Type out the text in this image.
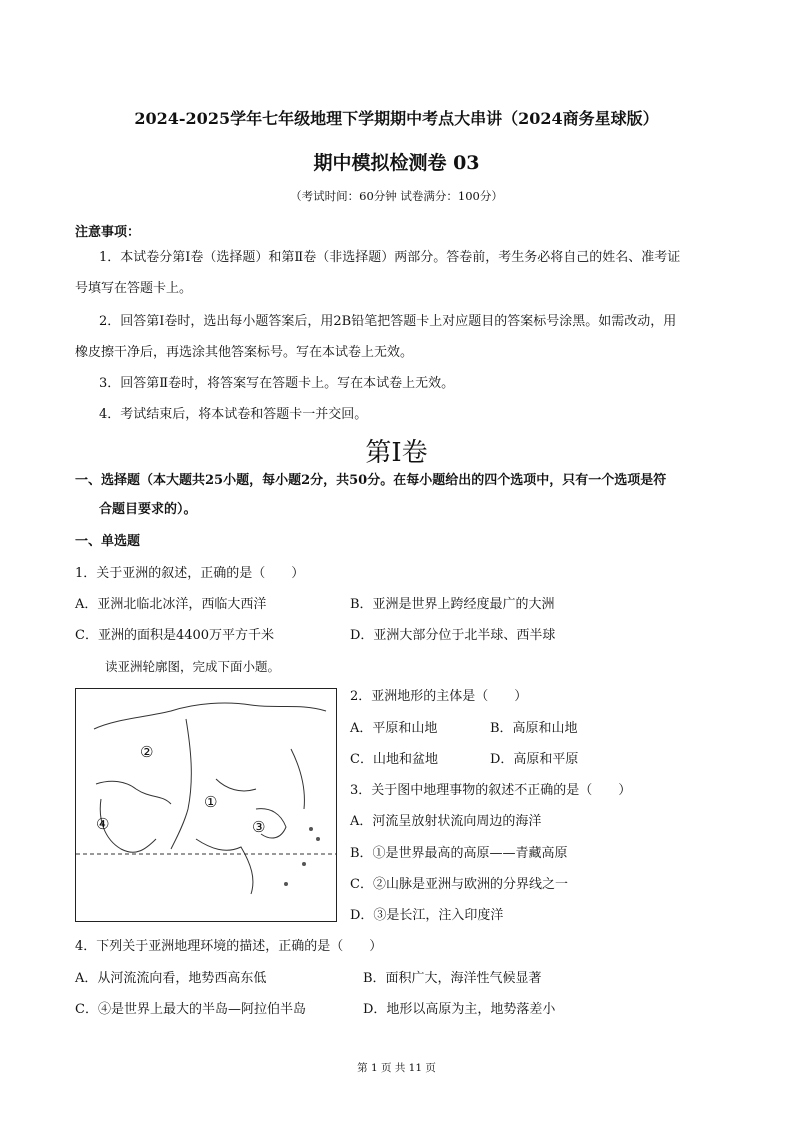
2024-2025学年七年级地理下学期期中考点大串讲（2024商务星球版）
期中模拟检测卷 03
（考试时间：60分钟 试卷满分：100分）
注意事项：
1．本试卷分第Ⅰ卷（选择题）和第Ⅱ卷（非选择题）两部分。答卷前，考生务必将自己的姓名、准考证
号填写在答题卡上。
2．回答第Ⅰ卷时，选出每小题答案后，用2B铅笔把答题卡上对应题目的答案标号涂黑。如需改动，用
橡皮擦干净后，再选涂其他答案标号。写在本试卷上无效。
3．回答第Ⅱ卷时，将答案写在答题卡上。写在本试卷上无效。
4．考试结束后，将本试卷和答题卡一并交回。
第Ⅰ卷
一、选择题（本大题共25小题，每小题2分，共50分。在每小题给出的四个选项中，只有一个选项是符
合题目要求的）。
一、单选题
1．关于亚洲的叙述，正确的是（　　）
A．亚洲北临北冰洋，西临大西洋	B．亚洲是世界上跨经度最广的大洲
C．亚洲的面积是4400万平方千米	D．亚洲大部分位于北半球、西半球
读亚洲轮廓图，完成下面小题。
②
③
④
①
2．亚洲地形的主体是（　　）
A．平原和山地	B．高原和山地
C．山地和盆地	D．高原和平原
3．关于图中地理事物的叙述不正确的是（　　）
A．河流呈放射状流向周边的海洋
B．①是世界最高的高原——青藏高原
C．②山脉是亚洲与欧洲的分界线之一
D．③是长江，注入印度洋
4．下列关于亚洲地理环境的描述，正确的是（　　）
A．从河流流向看，地势西高东低	B．面积广大，海洋性气候显著
C．④是世界上最大的半岛—阿拉伯半岛	D．地形以高原为主，地势落差小
第 1 页 共 11 页
